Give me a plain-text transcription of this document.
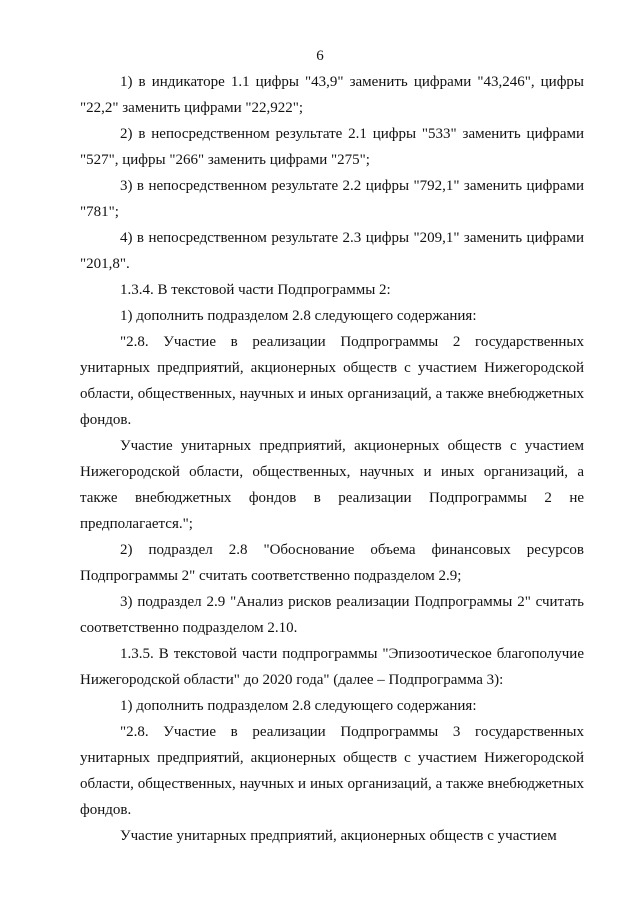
6

1) в индикаторе 1.1 цифры "43,9" заменить цифрами "43,246", цифры "22,2" заменить цифрами "22,922";

2) в непосредственном результате 2.1 цифры "533" заменить цифрами "527", цифры "266" заменить цифрами "275";

3) в непосредственном результате 2.2 цифры "792,1" заменить цифрами "781";

4) в непосредственном результате 2.3 цифры "209,1" заменить цифрами "201,8".

1.3.4. В текстовой части Подпрограммы 2:

1) дополнить подразделом 2.8 следующего содержания:

"2.8. Участие в реализации Подпрограммы 2 государственных унитарных предприятий, акционерных обществ с участием Нижегородской области, общественных, научных и иных организаций, а также внебюджетных фондов.

Участие унитарных предприятий, акционерных обществ с участием Нижегородской области, общественных, научных и иных организаций, а также внебюджетных фондов в реализации Подпрограммы 2 не предполагается.";

2) подраздел 2.8 "Обоснование объема финансовых ресурсов Подпрограммы 2" считать соответственно подразделом 2.9;

3) подраздел 2.9 "Анализ рисков реализации Подпрограммы 2" считать соответственно подразделом 2.10.

1.3.5. В текстовой части подпрограммы "Эпизоотическое благополучие Нижегородской области" до 2020 года" (далее – Подпрограмма 3):

1) дополнить подразделом 2.8 следующего содержания:

"2.8. Участие в реализации Подпрограммы 3 государственных унитарных предприятий, акционерных обществ с участием Нижегородской области, общественных, научных и иных организаций, а также внебюджетных фондов.

Участие унитарных предприятий, акционерных обществ с участием
